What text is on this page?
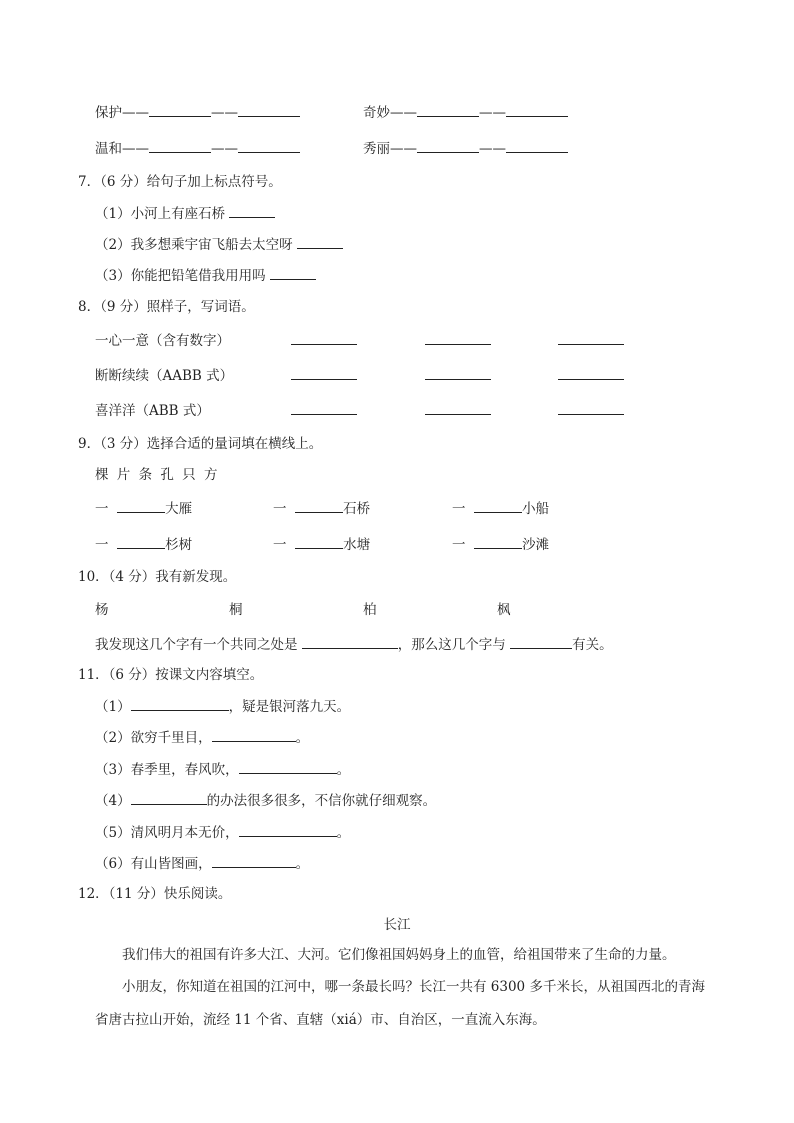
保护——	——	奇妙——	——
温和——	——	秀丽——	——
7．（6 分）给句子加上标点符号。
（1）小河上有座石桥
（2）我多想乘宇宙飞船去太空呀
（3）你能把铅笔借我用用吗
8．（9 分）照样子，写词语。
一心一意（含有数字）
断断续续（AABB 式）
喜洋洋（ABB 式）
9．（3 分）选择合适的量词填在横线上。
棵 片 条 孔 只 方
一	大雁	一	石桥	一	小船
一	杉树	一	水塘	一	沙滩
10．（4 分）我有新发现。
杨	桐	柏	枫
我发现这几个字有一个共同之处是	，那么这几个字与	有关。
11．（6 分）按课文内容填空。
（1）	，疑是银河落九天。
（2）欲穷千里目，	。
（3）春季里，春风吹，	。
（4）	的办法很多很多，不信你就仔细观察。
（5）清风明月本无价，	。
（6）有山皆图画，	。
12．（11 分）快乐阅读。
长江
我们伟大的祖国有许多大江、大河。它们像祖国妈妈身上的血管，给祖国带来了生命的力量。
小朋友，你知道在祖国的江河中，哪一条最长吗？长江一共有 6300 多千米长，从祖国西北的青海
省唐古拉山开始，流经 11 个省、直辖（xiá）市、自治区，一直流入东海。
